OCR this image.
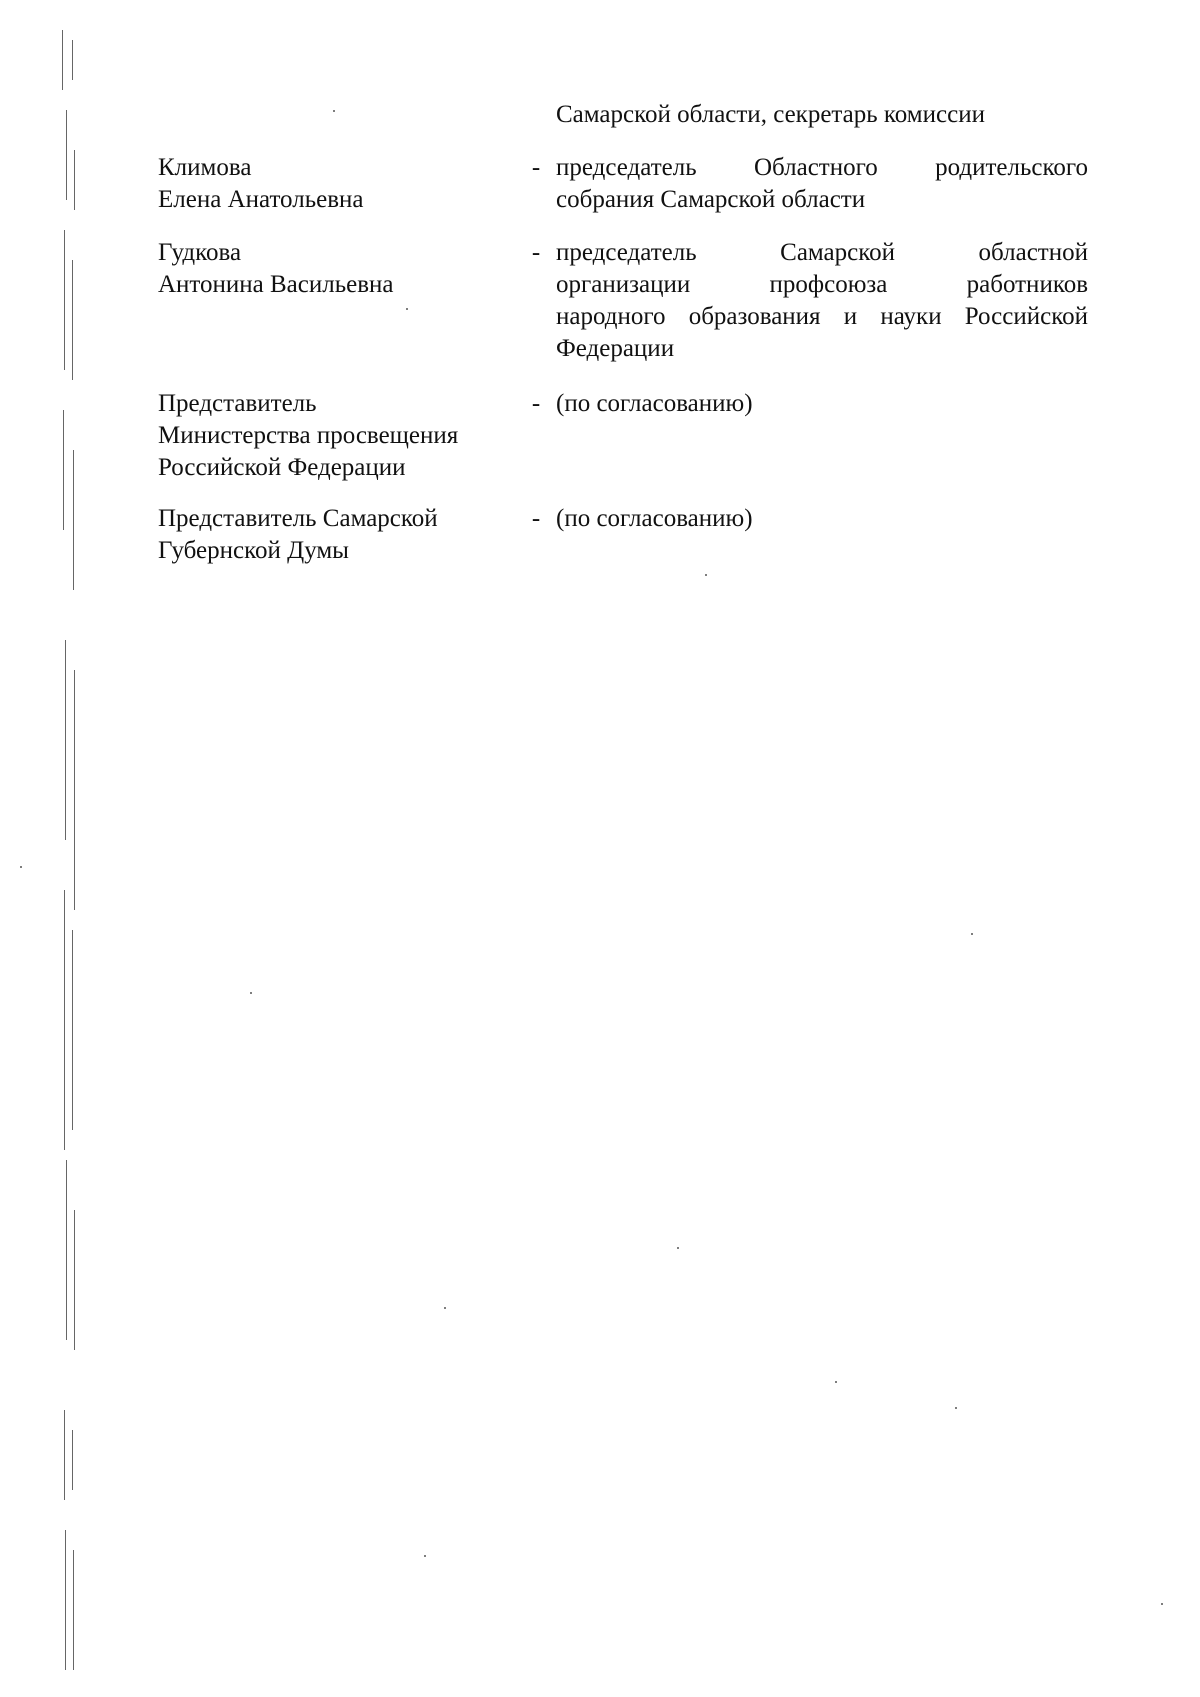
Самарской области, секретарь комиссии
Климова
Елена Анатольевна
- председатель Областного родительского
собрания Самарской области
Гудкова
Антонина Васильевна
- председатель Самарской областной
организации профсоюза работников
народного образования и науки Российской
Федерации
Представитель
Министерства просвещения
Российской Федерации
- (по согласованию)
Представитель Самарской
Губернской Думы
- (по согласованию)
